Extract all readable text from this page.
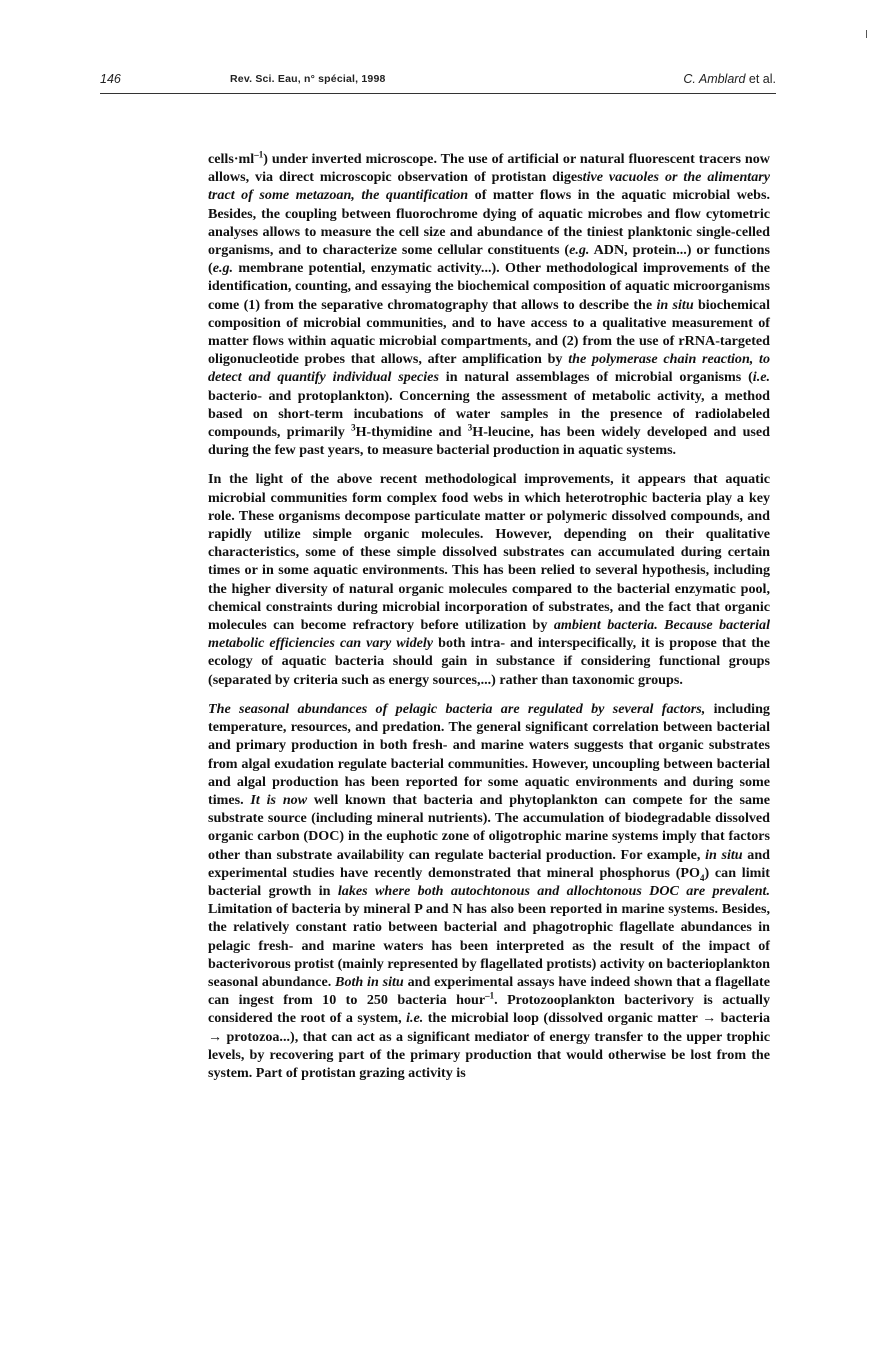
146	Rev. Sci. Eau, n° spécial, 1998	C. Amblard et al.

$cells\cdot ml^{-1}$) under inverted microscope. The use of artificial or natural fluorescent tracers now allows, via direct microscopic observation of protistan digestive vacuoles or the alimentary tract of some metazoan, the quantification of matter flows in the aquatic microbial webs. Besides, the coupling between fluorochrome dying of aquatic microbes and flow cytometric analyses allows to measure the cell size and abundance of the tiniest planktonic single-celled organisms, and to characterize some cellular constituents (e.g. ADN, protein...) or functions (e.g. membrane potential, enzymatic activity...). Other methodological improvements of the identification, counting, and essaying the biochemical composition of aquatic microorganisms come (1) from the separative chromatography that allows to describe the in situ biochemical composition of microbial communities, and to have access to a qualitative measurement of matter flows within aquatic microbial compartments, and (2) from the use of rRNA-targeted oligonucleotide probes that allows, after amplification by the polymerase chain reaction, to detect and quantify individual species in natural assemblages of microbial organisms (i.e. bacterio- and protoplankton). Concerning the assessment of metabolic activity, a method based on short-term incubations of water samples in the presence of radiolabeled compounds, primarily $^3$H-thymidine and $^3$H-leucine, has been widely developed and used during the few past years, to measure bacterial production in aquatic systems.

In the light of the above recent methodological improvements, it appears that aquatic microbial communities form complex food webs in which heterotrophic bacteria play a key role. These organisms decompose particulate matter or polymeric dissolved compounds, and rapidly utilize simple organic molecules. However, depending on their qualitative characteristics, some of these simple dissolved substrates can accumulated during certain times or in some aquatic environments. This has been relied to several hypothesis, including the higher diversity of natural organic molecules compared to the bacterial enzymatic pool, chemical constraints during microbial incorporation of substrates, and the fact that organic molecules can become refractory before utilization by ambient bacteria. Because bacterial metabolic efficiencies can vary widely both intra- and interspecifically, it is propose that the ecology of aquatic bacteria should gain in substance if considering functional groups (separated by criteria such as energy sources,...) rather than taxonomic groups.

The seasonal abundances of pelagic bacteria are regulated by several factors, including temperature, resources, and predation. The general significant correlation between bacterial and primary production in both fresh- and marine waters suggests that organic substrates from algal exudation regulate bacterial communities. However, uncoupling between bacterial and algal production has been reported for some aquatic environments and during some times. It is now well known that bacteria and phytoplankton can compete for the same substrate source (including mineral nutrients). The accumulation of biodegradable dissolved organic carbon (DOC) in the euphotic zone of oligotrophic marine systems imply that factors other than substrate availability can regulate bacterial production. For example, in situ and experimental studies have recently demonstrated that mineral phosphorus $(PO_4)$ can limit bacterial growth in lakes where both autochtonous and allochtonous DOC are prevalent. Limitation of bacteria by mineral P and N has also been reported in marine systems. Besides, the relatively constant ratio between bacterial and phagotrophic flagellate abundances in pelagic fresh- and marine waters has been interpreted as the result of the impact of bacterivorous protist (mainly represented by flagellated protists) activity on bacterioplankton seasonal abundance. Both in situ and experimental assays have indeed shown that a flagellate can ingest from 10 to 250 bacteria hour$^{-1}$. Protozooplankton bacterivory is actually considered the root of a system, i.e. the microbial loop (dissolved organic matter → bacteria → protozoa...), that can act as a significant mediator of energy transfer to the upper trophic levels, by recovering part of the primary production that would otherwise be lost from the system. Part of protistan grazing activity is
